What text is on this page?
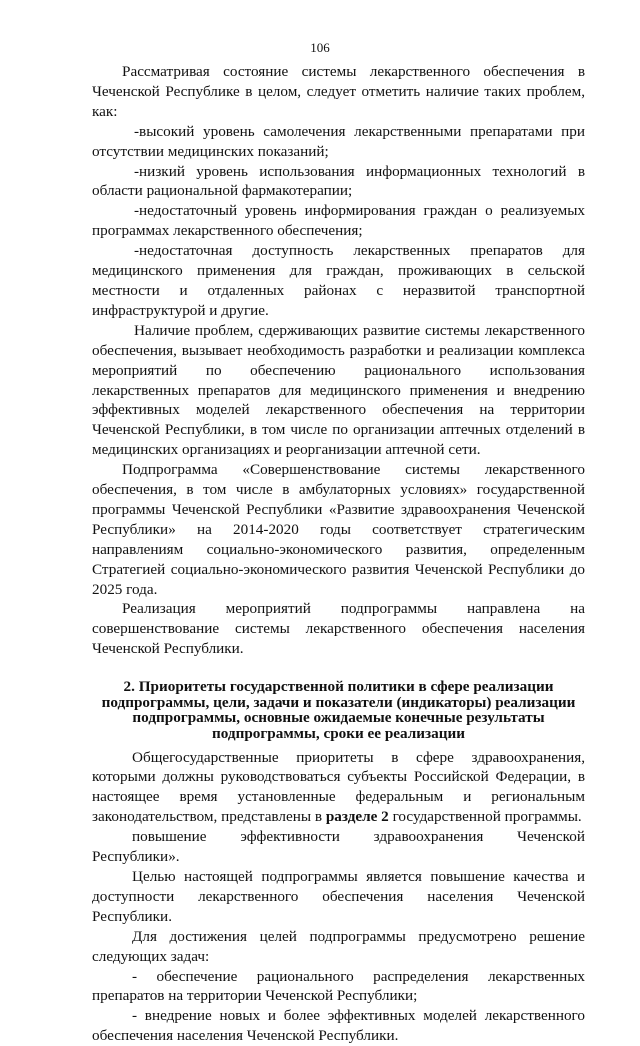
106

Рассматривая состояние системы лекарственного обеспечения в Чеченской Республике в целом, следует отметить наличие таких проблем, как:

-высокий уровень самолечения лекарственными препаратами при отсутствии медицинских показаний;

-низкий уровень использования информационных технологий в области рациональной фармакотерапии;

-недостаточный уровень информирования граждан о реализуемых программах лекарственного обеспечения;

-недостаточная доступность лекарственных препаратов для медицинского применения для граждан, проживающих в сельской местности и отдаленных районах с неразвитой транспортной инфраструктурой и другие.

Наличие проблем, сдерживающих развитие системы лекарственного обеспечения, вызывает необходимость разработки и реализации комплекса мероприятий по обеспечению рационального использования лекарственных препаратов для медицинского применения и внедрению эффективных моделей лекарственного обеспечения на территории Чеченской Республики, в том числе по организации аптечных отделений в медицинских организациях и реорганизации аптечной сети.

Подпрограмма «Совершенствование системы лекарственного обеспечения, в том числе в амбулаторных условиях» государственной программы Чеченской Республики «Развитие здравоохранения Чеченской Республики» на 2014-2020 годы соответствует стратегическим направлениям социально-экономического развития, определенным Стратегией социально-экономического развития Чеченской Республики до 2025 года.

Реализация мероприятий подпрограммы направлена на совершенствование системы лекарственного обеспечения населения Чеченской Республики.

2. Приоритеты государственной политики в сфере реализации подпрограммы, цели, задачи и показатели (индикаторы) реализации подпрограммы, основные ожидаемые конечные результаты подпрограммы, сроки ее реализации

Общегосударственные приоритеты в сфере здравоохранения, которыми должны руководствоваться субъекты Российской Федерации, в настоящее время установленные федеральным и региональным законодательством, представлены в разделе 2 государственной программы.

повышение эффективности здравоохранения Чеченской Республики».

Целью настоящей подпрограммы является повышение качества и доступности лекарственного обеспечения населения Чеченской Республики.

Для достижения целей подпрограммы предусмотрено решение следующих задач:

- обеспечение рационального распределения лекарственных препаратов на территории Чеченской Республики;

- внедрение новых и более эффективных моделей лекарственного обеспечения населения Чеченской Республики.
